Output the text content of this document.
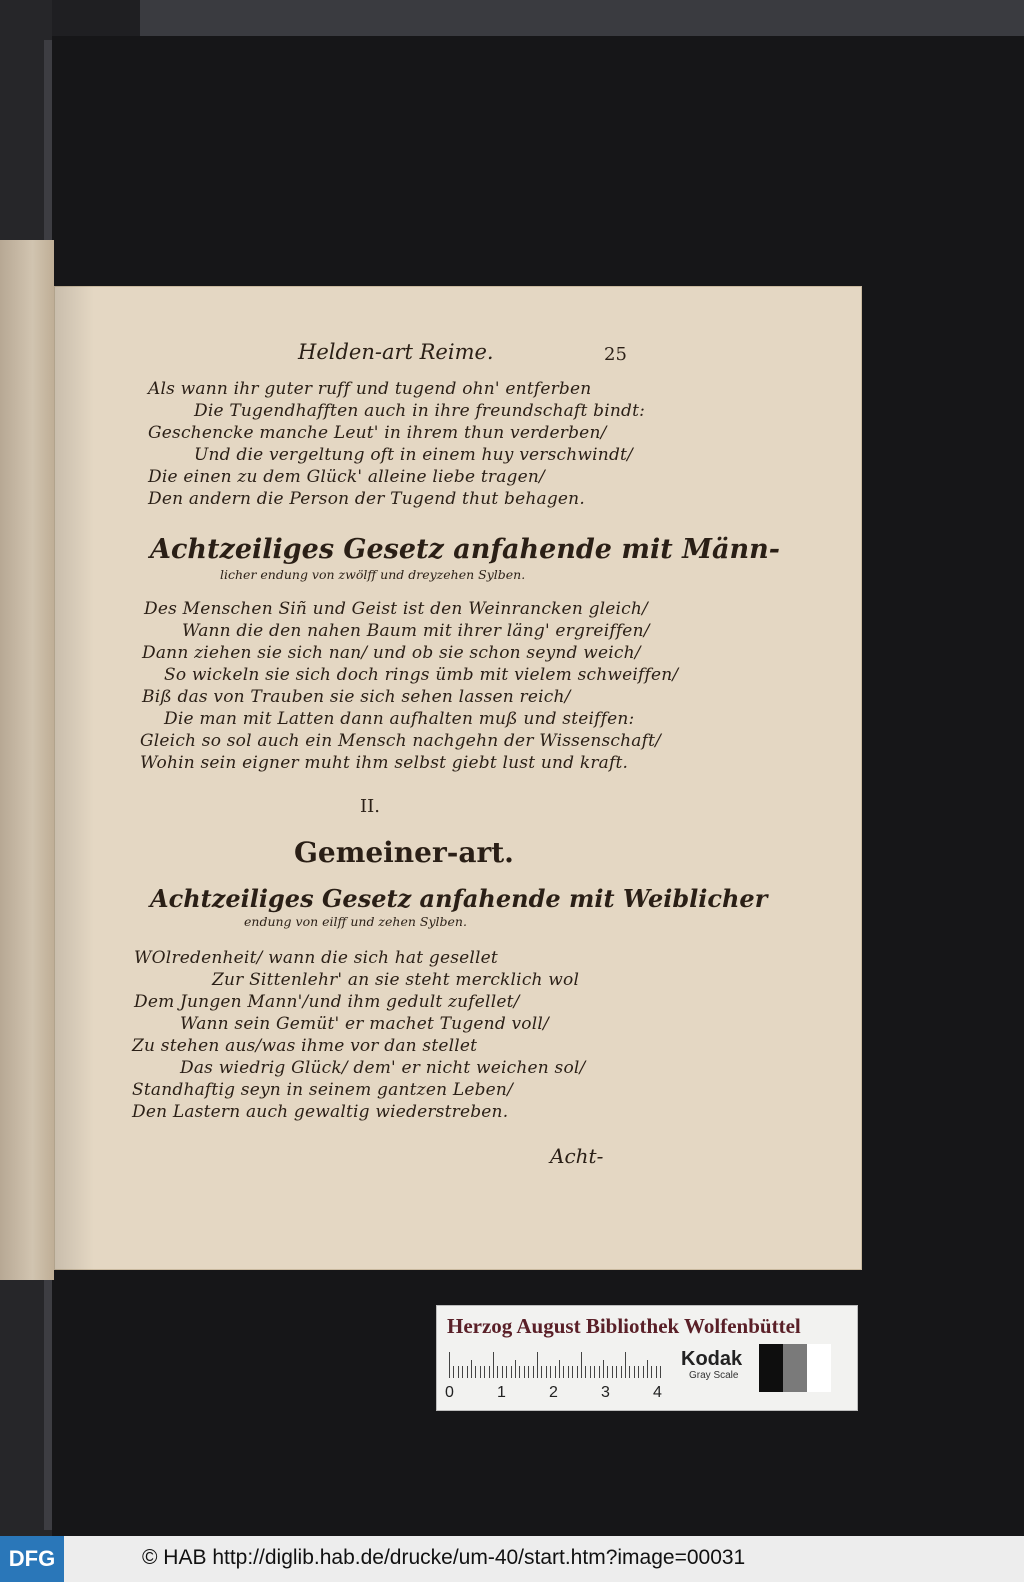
Helden-art Reime.	25
Als wann ihr guter ruff und tugend ohn' entferben
Die Tugendhafften auch in ihre freundschaft bindt:
Geschencke manche Leut' in ihrem thun verderben/
Und die vergeltung oft in einem huy verschwindt/
Die einen zu dem Glück' alleine liebe tragen/
Den andern die Person der Tugend thut behagen.
Achtzeiliges Gesetz anfahende mit Männ-
licher endung von zwölff und dreyzehen Sylben.
Des Menschen Siñ und Geist ist den Weinrancken gleich/
Wann die den nahen Baum mit ihrer läng' ergreiffen/
Dann ziehen sie sich nan/ und ob sie schon seynd weich/
So wickeln sie sich doch rings ümb mit vielem schweiffen/
Biß das von Trauben sie sich sehen lassen reich/
Die man mit Latten dann aufhalten muß und steiffen:
Gleich so sol auch ein Mensch nachgehn der Wissenschaft/
Wohin sein eigner muht ihm selbst giebt lust und kraft.
II.
Gemeiner-art.
Achtzeiliges Gesetz anfahende mit Weiblicher
endung von eilff und zehen Sylben.
WOlredenheit/ wann die sich hat gesellet
Zur Sittenlehr' an sie steht mercklich wol
Dem Jungen Mann'/und ihm gedult zufellet/
Wann sein Gemüt' er machet Tugend voll/
Zu stehen aus/was ihme vor dan stellet
Das wiedrig Glück/ dem' er nicht weichen sol/
Standhaftig seyn in seinem gantzen Leben/
Den Lastern auch gewaltig wiederstreben.
Acht-
Herzog August Bibliothek Wolfenbüttel
0	1	2	3	4
Kodak
Gray Scale
DFG	© HAB http://diglib.hab.de/drucke/um-40/start.htm?image=00031
